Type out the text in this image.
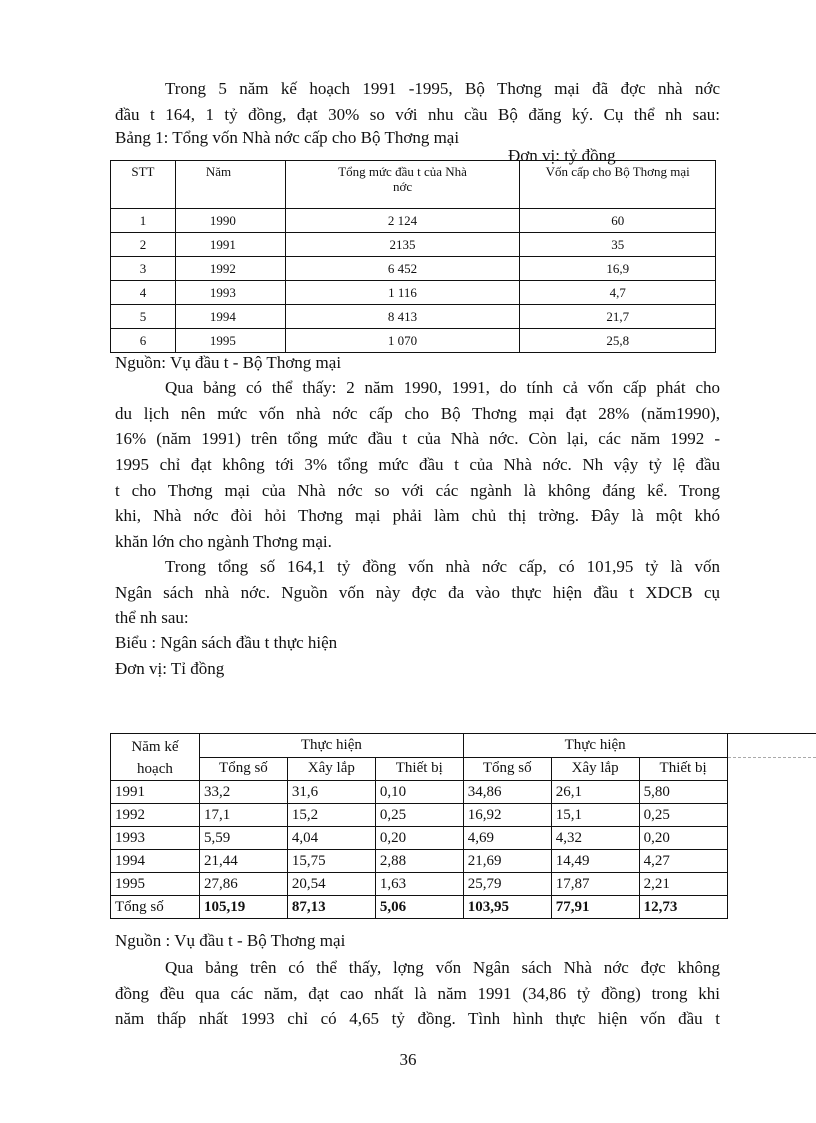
Trong 5 năm kế hoạch 1991 -1995, Bộ Thơng mại đã đợc nhà nớc
đầu t 164, 1 tỷ đồng, đạt 30% so với nhu cầu Bộ đăng ký. Cụ thể nh sau:
Bảng 1: Tổng vốn Nhà nớc cấp cho Bộ Thơng mại
Đơn vị: tỷ đồng
STT	Năm	Tổng mức đầu t của Nhà nớc	Vốn cấp cho Bộ Thơng mại
1	1990	2 124	60
2	1991	2135	35
3	1992	6 452	16,9
4	1993	1 116	4,7
5	1994	8 413	21,7
6	1995	1 070	25,8
Nguồn: Vụ đầu t - Bộ Thơng mại
Qua bảng có thể thấy: 2 năm 1990, 1991, do tính cả vốn cấp phát cho
du lịch nên mức vốn nhà nớc cấp cho Bộ Thơng mại đạt 28% (năm1990),
16% (năm 1991) trên tổng mức đầu t của Nhà nớc. Còn lại, các năm 1992 -
1995 chỉ đạt không tới 3% tổng mức đầu t của Nhà nớc. Nh vậy tỷ lệ đầu
t cho Thơng mại của Nhà nớc so với các ngành là không đáng kể. Trong
khi, Nhà nớc đòi hỏi Thơng mại phải làm chủ thị trờng. Đây là một khó
khăn lớn cho ngành Thơng mại.
Trong tổng số 164,1 tỷ đồng vốn nhà nớc cấp, có 101,95 tỷ là vốn
Ngân sách nhà nớc. Nguồn vốn này đợc đa vào thực hiện đầu t XDCB cụ
thể nh sau:
Biểu : Ngân sách đầu t thực hiện
Đơn vị: Tỉ đồng
Năm kế
hoạch	Thực hiện			Thực hiện			
	Tổng số	Xây lắp	Thiết bị	Tổng số	Xây lắp	Thiết bị	
1991	33,2	31,6	0,10	34,86	26,1	5,80	
1992	17,1	15,2	0,25	16,92	15,1	0,25	
1993	5,59	4,04	0,20	4,69	4,32	0,20	
1994	21,44	15,75	2,88	21,69	14,49	4,27	
1995	27,86	20,54	1,63	25,79	17,87	2,21	
Tổng số	105,19	87,13	5,06	103,95	77,91	12,73	
Nguồn : Vụ đầu t - Bộ Thơng mại
Qua bảng trên có thể thấy, lợng vốn Ngân sách Nhà nớc đợc không
đồng đều qua các năm, đạt cao nhất là năm 1991 (34,86 tỷ đồng) trong khi
năm thấp nhất 1993 chỉ có 4,65 tỷ đồng. Tình hình thực hiện vốn đầu t
36
